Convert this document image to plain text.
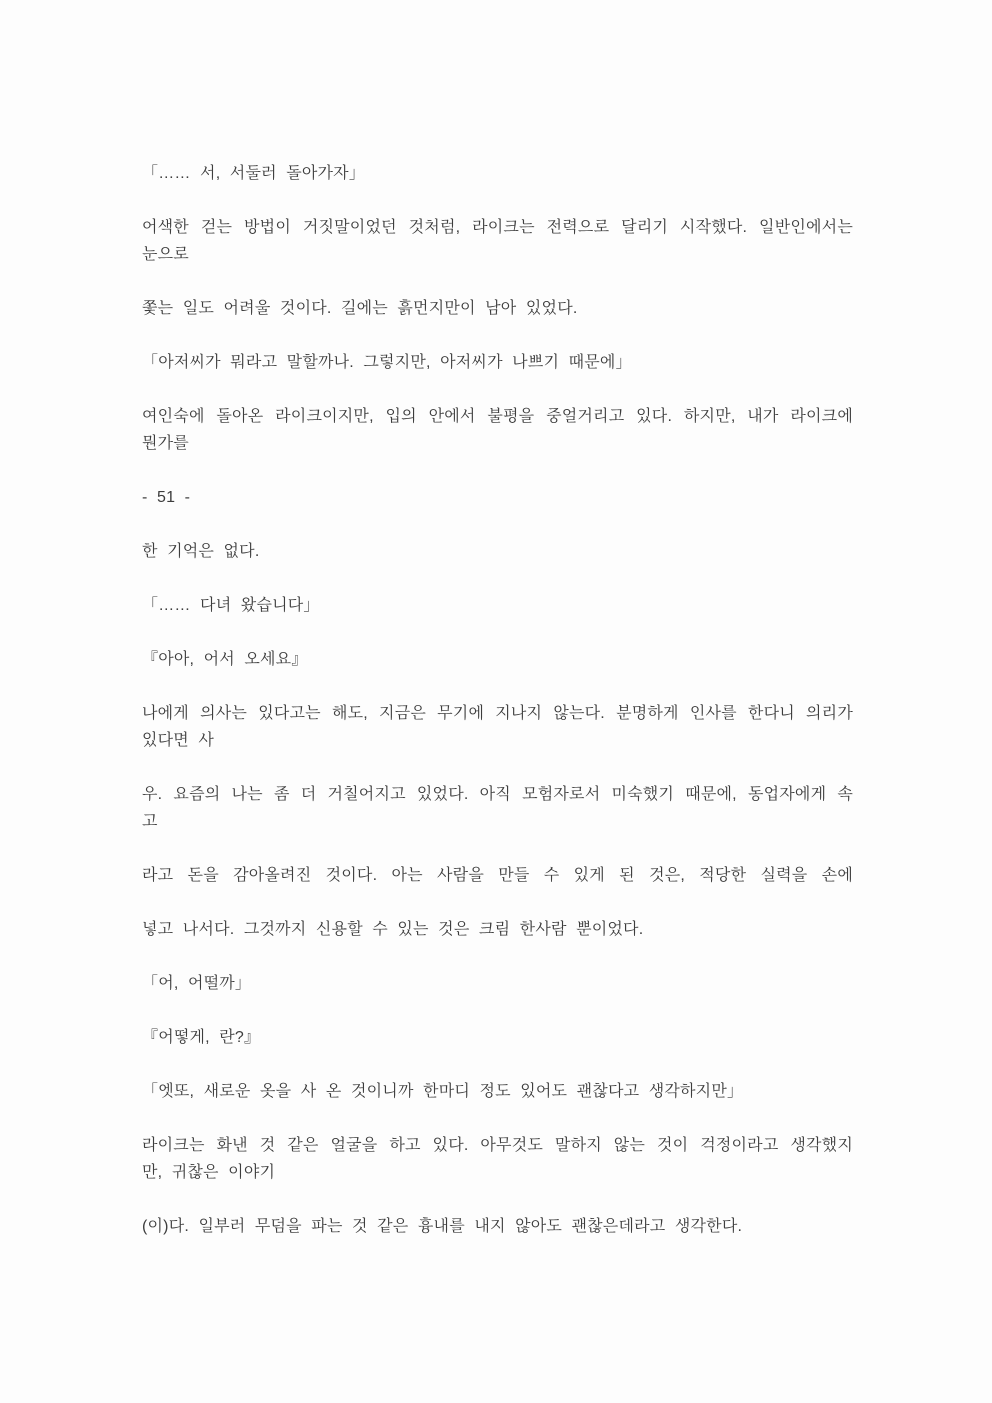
「…… 서, 서둘러 돌아가자」

어색한 걷는 방법이 거짓말이었던 것처럼, 라이크는 전력으로 달리기 시작했다. 일반인에서는
눈으로

쫓는 일도 어려울 것이다. 길에는 흙먼지만이 남아 있었다.

「아저씨가 뭐라고 말할까나. 그렇지만, 아저씨가 나쁘기 때문에」

여인숙에 돌아온 라이크이지만, 입의 안에서 불평을 중얼거리고 있다. 하지만, 내가 라이크에
뭔가를

- 51 -

한 기억은 없다.

「…… 다녀 왔습니다」

『아아, 어서 오세요』

나에게 의사는 있다고는 해도, 지금은 무기에 지나지 않는다. 분명하게 인사를 한다니 의리가
있다면 사

우. 요즘의 나는 좀 더 거칠어지고 있었다. 아직 모험자로서 미숙했기 때문에, 동업자에게 속
고

라고 돈을 감아올려진 것이다. 아는 사람을 만들 수 있게 된 것은, 적당한 실력을 손에

넣고 나서다. 그것까지 신용할 수 있는 것은 크림 한사람 뿐이었다.

「어, 어떨까」

『어떻게, 란?』

「엣또, 새로운 옷을 사 온 것이니까 한마디 정도 있어도 괜찮다고 생각하지만」

라이크는 화낸 것 같은 얼굴을 하고 있다. 아무것도 말하지 않는 것이 걱정이라고 생각했지
만, 귀찮은 이야기

(이)다. 일부러 무덤을 파는 것 같은 흉내를 내지 않아도 괜찮은데라고 생각한다.
